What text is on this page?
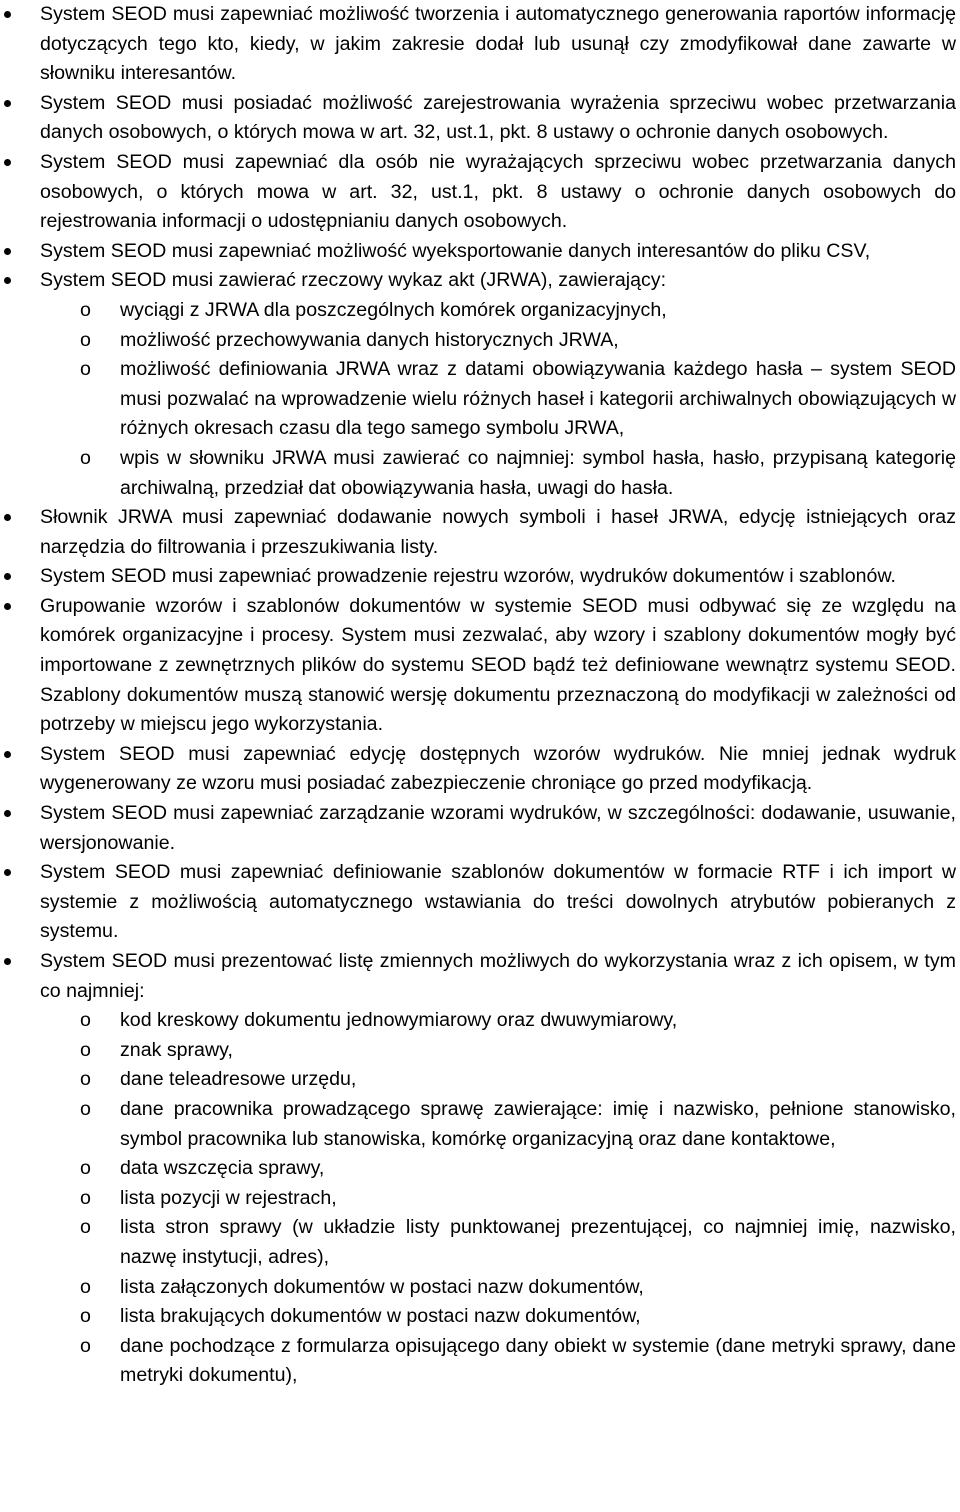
System SEOD musi zapewniać możliwość tworzenia i automatycznego generowania raportów informację dotyczących tego kto, kiedy, w jakim zakresie dodał lub usunął czy zmodyfikował dane zawarte w słowniku interesantów.
System SEOD musi posiadać możliwość zarejestrowania wyrażenia sprzeciwu wobec przetwarzania danych osobowych, o których mowa w art. 32, ust.1, pkt. 8 ustawy o ochronie danych osobowych.
System SEOD musi zapewniać dla osób nie wyrażających sprzeciwu wobec przetwarzania danych osobowych, o których mowa w art. 32, ust.1, pkt. 8 ustawy o ochronie danych osobowych do rejestrowania informacji o udostępnianiu danych osobowych.
System SEOD musi zapewniać możliwość wyeksportowanie danych interesantów do pliku CSV,
System SEOD musi zawierać rzeczowy wykaz akt (JRWA), zawierający:
o wyciągi z JRWA dla poszczególnych komórek organizacyjnych,
o możliwość przechowywania danych historycznych JRWA,
o możliwość definiowania JRWA wraz z datami obowiązywania każdego hasła – system SEOD musi pozwalać na wprowadzenie wielu różnych haseł i kategorii archiwalnych obowiązujących w różnych okresach czasu dla tego samego symbolu JRWA,
o wpis w słowniku JRWA musi zawierać co najmniej: symbol hasła, hasło, przypisaną kategorię archiwalną, przedział dat obowiązywania hasła, uwagi do hasła.
Słownik JRWA musi zapewniać dodawanie nowych symboli i haseł JRWA, edycję istniejących oraz narzędzia do filtrowania i przeszukiwania listy.
System SEOD musi zapewniać prowadzenie rejestru wzorów, wydruków dokumentów i szablonów.
Grupowanie wzorów i szablonów dokumentów w systemie SEOD musi odbywać się ze względu na komórek organizacyjne i procesy. System musi zezwalać, aby wzory i szablony dokumentów mogły być importowane z zewnętrznych plików do systemu SEOD bądź też definiowane wewnątrz systemu SEOD. Szablony dokumentów muszą stanowić wersję dokumentu przeznaczoną do modyfikacji w zależności od potrzeby w miejscu jego wykorzystania.
System SEOD musi zapewniać edycję dostępnych wzorów wydruków. Nie mniej jednak wydruk wygenerowany ze wzoru musi posiadać zabezpieczenie chroniące go przed modyfikacją.
System SEOD musi zapewniać zarządzanie wzorami wydruków, w szczególności: dodawanie, usuwanie, wersjonowanie.
System SEOD musi zapewniać definiowanie szablonów dokumentów w formacie RTF i ich import w systemie z możliwością automatycznego wstawiania do treści dowolnych atrybutów pobieranych z systemu.
System SEOD musi prezentować listę zmiennych możliwych do wykorzystania wraz z ich opisem, w tym co najmniej:
o kod kreskowy dokumentu jednowymiarowy oraz dwuwymiarowy,
o znak sprawy,
o dane teleadresowe urzędu,
o dane pracownika prowadzącego sprawę zawierające: imię i nazwisko, pełnione stanowisko, symbol pracownika lub stanowiska, komórkę organizacyjną oraz dane kontaktowe,
o data wszczęcia sprawy,
o lista pozycji w rejestrach,
o lista stron sprawy (w układzie listy punktowanej prezentującej, co najmniej imię, nazwisko, nazwę instytucji, adres),
o lista załączonych dokumentów w postaci nazw dokumentów,
o lista brakujących dokumentów w postaci nazw dokumentów,
o dane pochodzące z formularza opisującego dany obiekt w systemie (dane metryki sprawy, dane metryki dokumentu),
